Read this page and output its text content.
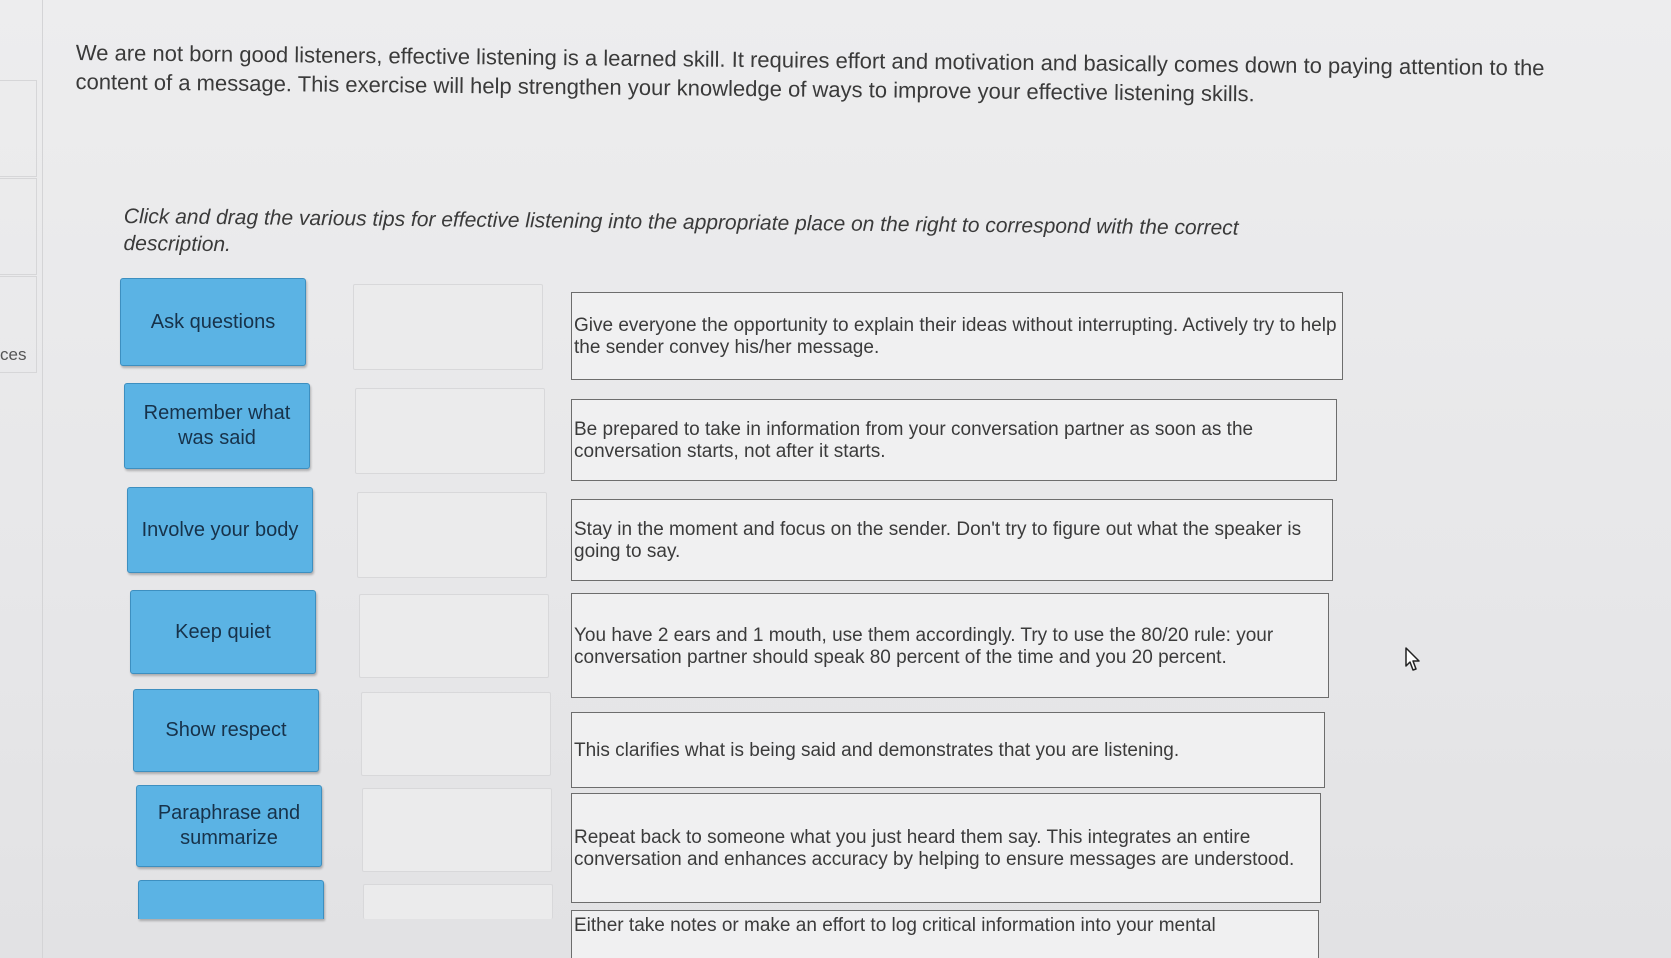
ces
We are not born good listeners, effective listening is a learned skill. It requires effort and motivation and basically comes down to paying attention to the content of a message. This exercise will help strengthen your knowledge of ways to improve your effective listening skills.
Click and drag the various tips for effective listening into the appropriate place on the right to correspond with the correct description.
Ask questions
Remember what was said
Involve your body
Keep quiet
Show respect
Paraphrase and summarize
Give everyone the opportunity to explain their ideas without interrupting. Actively try to help the sender convey his/her message.
Be prepared to take in information from your conversation partner as soon as the conversation starts, not after it starts.
Stay in the moment and focus on the sender. Don't try to figure out what the speaker is going to say.
You have 2 ears and 1 mouth, use them accordingly. Try to use the 80/20 rule: your conversation partner should speak 80 percent of the time and you 20 percent.
This clarifies what is being said and demonstrates that you are listening.
Repeat back to someone what you just heard them say. This integrates an entire conversation and enhances accuracy by helping to ensure messages are understood.
Either take notes or make an effort to log critical information into your mental
